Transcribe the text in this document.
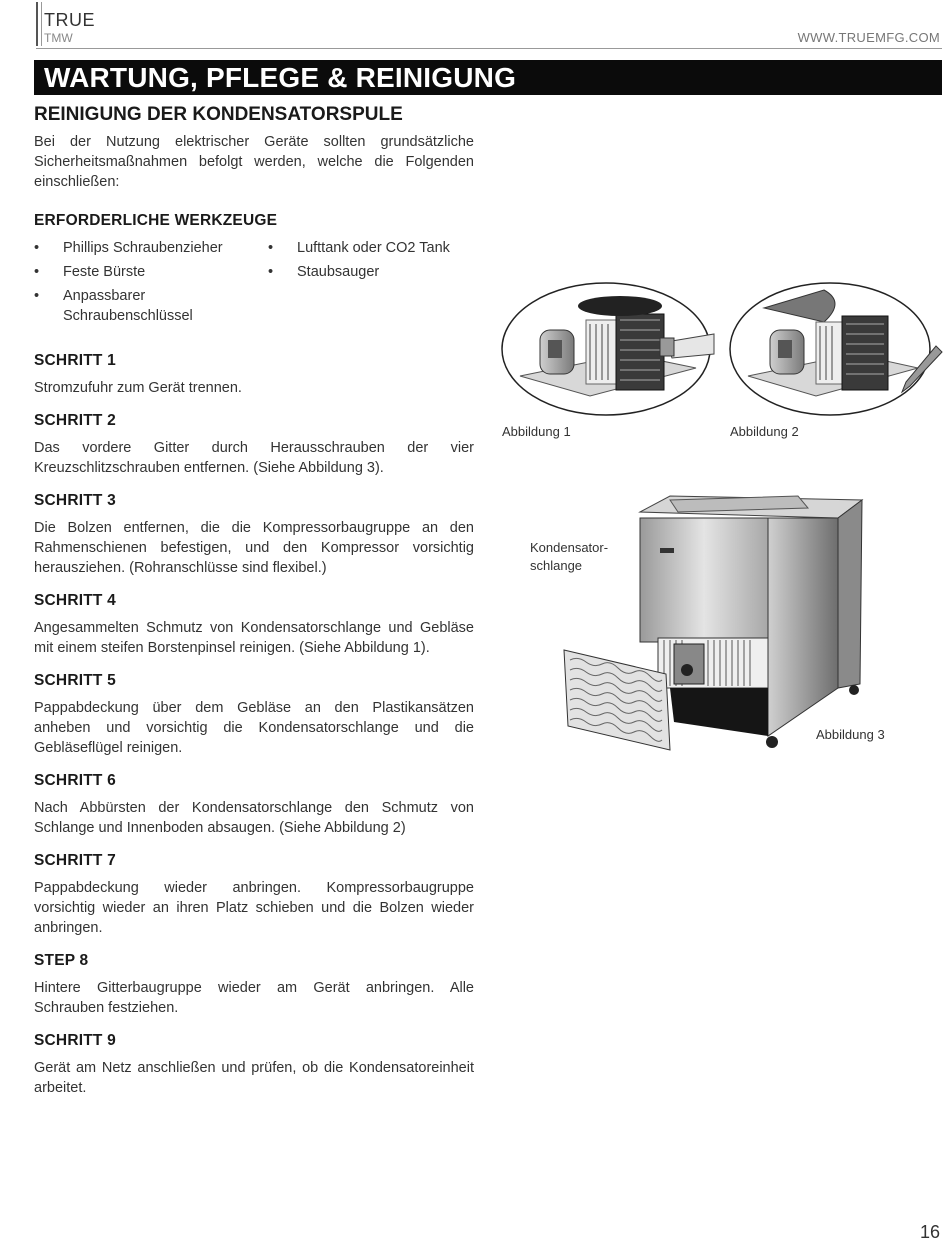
TRUE
TMW	WWW.TRUEMFG.COM
WARTUNG, PFLEGE & REINIGUNG
REINIGUNG DER KONDENSATORSPULE

Bei der Nutzung elektrischer Geräte sollten grundsätzliche Sicherheitsmaßnahmen befolgt werden, welche die Folgenden einschließen:

ERFORDERLICHE WERKZEUGE
• Phillips Schraubenzieher
• Feste Bürste
• Anpassbarer
Schraubenschlüssel
• Lufttank oder CO2 Tank
• Staubsauger
SCHRITT 1

Stromzufuhr zum Gerät trennen.

SCHRITT 2

Das vordere Gitter durch Herausschrauben der vier Kreuzschlitzschrauben entfernen. (Siehe Abbildung 3).

SCHRITT 3

Die Bolzen entfernen, die die Kompressorbaugruppe an den Rahmenschienen befestigen, und den Kompressor vorsichtig herausziehen. (Rohranschlüsse sind flexibel.)

SCHRITT 4

Angesammelten Schmutz von Kondensatorschlange und Gebläse mit einem steifen Borstenpinsel reinigen. (Siehe Abbildung 1).

SCHRITT 5

Pappabdeckung über dem Gebläse an den Plastikansätzen anheben und vorsichtig die Kondensatorschlange und die Gebläseflügel reinigen.

SCHRITT 6

Nach Abbürsten der Kondensatorschlange den Schmutz von Schlange und Innenboden absaugen. (Siehe Abbildung 2)

SCHRITT 7

Pappabdeckung wieder anbringen. Kompressorbaugruppe vorsichtig wieder an ihren Platz schieben und die Bolzen wieder anbringen.

STEP 8

Hintere Gitterbaugruppe wieder am Gerät anbringen. Alle Schrauben festziehen.

SCHRITT 9

Gerät am Netz anschließen und prüfen, ob die Kondensatoreinheit arbeitet.

Abbildung 1	Abbildung 2
Kondensator-
schlange
Abbildung 3
16
